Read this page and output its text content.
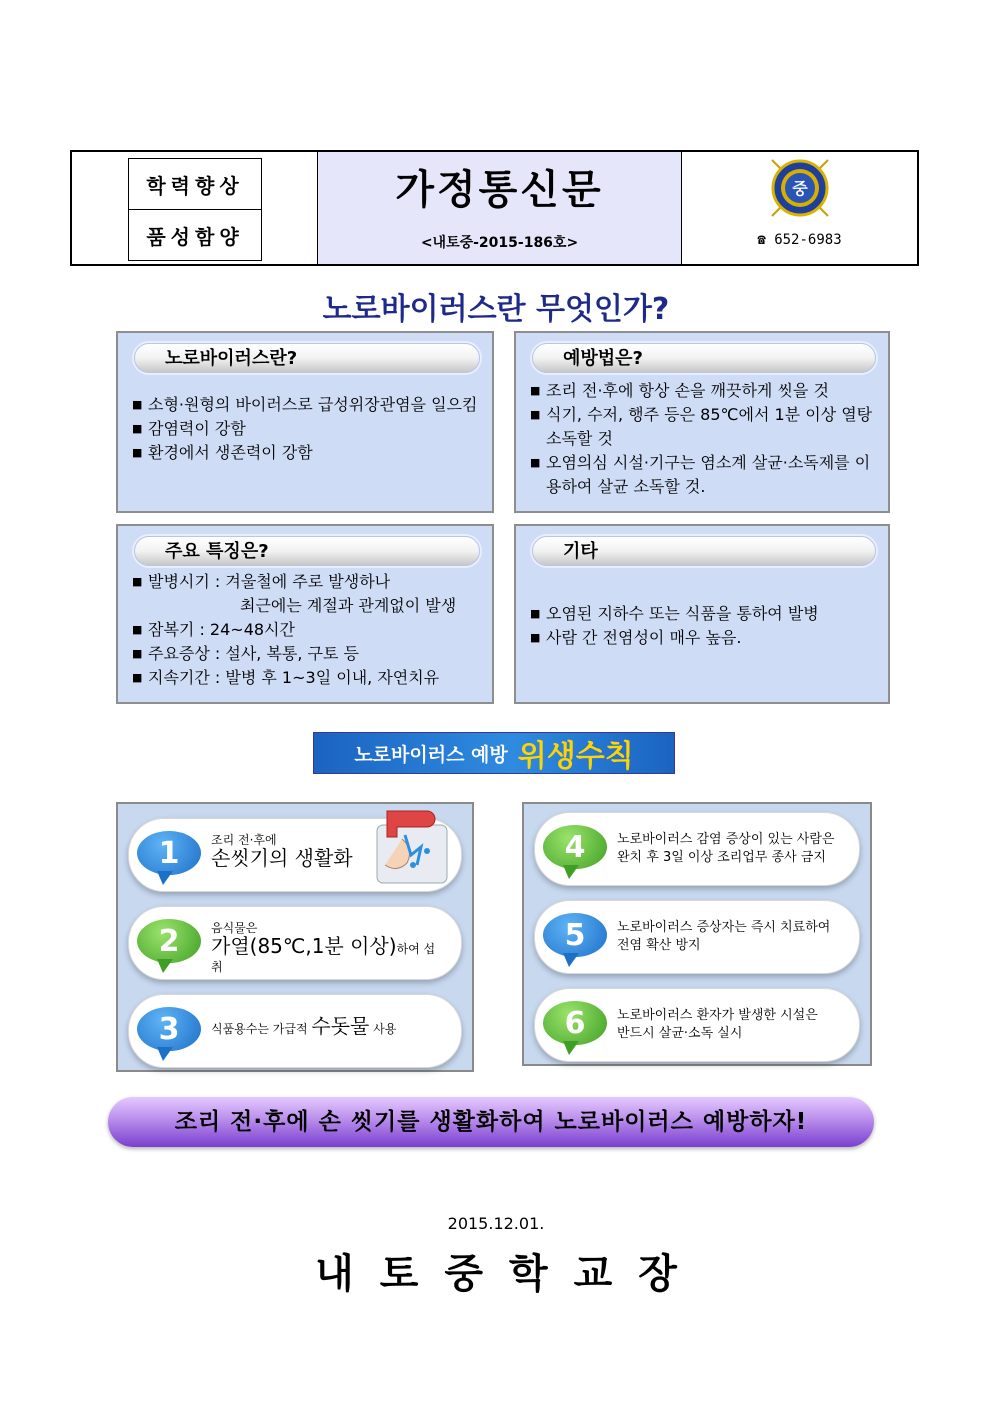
학력향상
품성함양
가정통신문
<내토중-2015-186호>
중
☎ 652-6983
노로바이러스란 무엇인가?
노로바이러스란?
■ 소형·원형의 바이러스로 급성위장관염을 일으킴
■ 감염력이 강함
■ 환경에서 생존력이 강함
예방법은?
■ 조리 전·후에 항상 손을 깨끗하게 씻을 것
■ 식기, 수저, 행주 등은 85℃에서 1분 이상 열탕 소독할 것
■ 오염의심 시설·기구는 염소계 살균·소독제를 이용하여 살균 소독할 것.
주요 특징은?
■ 발병시기 : 겨울철에 주로 발생하나
최근에는 계절과 관계없이 발생
■ 잠복기 : 24~48시간
■ 주요증상 : 설사, 복통, 구토 등
■ 지속기간 : 발병 후 1~3일 이내, 자연치유
기타
■ 오염된 지하수 또는 식품을 통하여 발병
■ 사람 간 전염성이 매우 높음.
노로바이러스 예방 위생수칙
1	조리 전·후에
손씻기의 생활화
2	음식물은
가열(85℃,1분 이상)하여 섭취
3	식품용수는 가급적 수돗물 사용
4 노로바이러스 감염 증상이 있는 사람은
완치 후 3일 이상 조리업무 종사 금지
5 노로바이러스 증상자는 즉시 치료하여
전염 확산 방지
6 노로바이러스 환자가 발생한 시설은
반드시 살균·소독 실시
조리 전·후에 손 씻기를 생활화하여 노로바이러스 예방하자!
2015.12.01.
내토중학교장
